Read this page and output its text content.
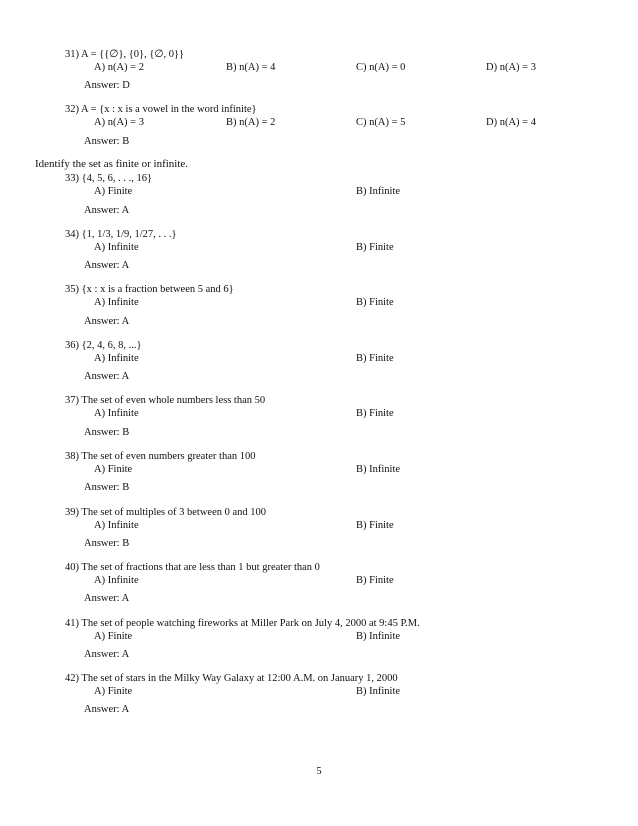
31) A = {{∅}, {0}, {∅, 0}}
A) n(A) = 2	B) n(A) = 4	C) n(A) = 0	D) n(A) = 3
Answer: D
32) A = {x : x is a vowel in the word infinite}
A) n(A) = 3	B) n(A) = 2	C) n(A) = 5	D) n(A) = 4
Answer: B
Identify the set as finite or infinite.
33) {4, 5, 6, . . ., 16}
A) Finite	B) Infinite
Answer: A
34) {1, 1/3, 1/9, 1/27, . . .}
A) Infinite	B) Finite
Answer: A
35) {x : x is a fraction between 5 and 6}
A) Infinite	B) Finite
Answer: A
36) {2, 4, 6, 8, ...}
A) Infinite	B) Finite
Answer: A
37) The set of even whole numbers less than 50
A) Infinite	B) Finite
Answer: B
38) The set of even numbers greater than 100
A) Finite	B) Infinite
Answer: B
39) The set of multiples of 3 between 0 and 100
A) Infinite	B) Finite
Answer: B
40) The set of fractions that are less than 1 but greater than 0
A) Infinite	B) Finite
Answer: A
41) The set of people watching fireworks at Miller Park on July 4, 2000 at 9:45 P.M.
A) Finite	B) Infinite
Answer: A
42) The set of stars in the Milky Way Galaxy at 12:00 A.M. on January 1, 2000
A) Finite	B) Infinite
Answer: A
5
